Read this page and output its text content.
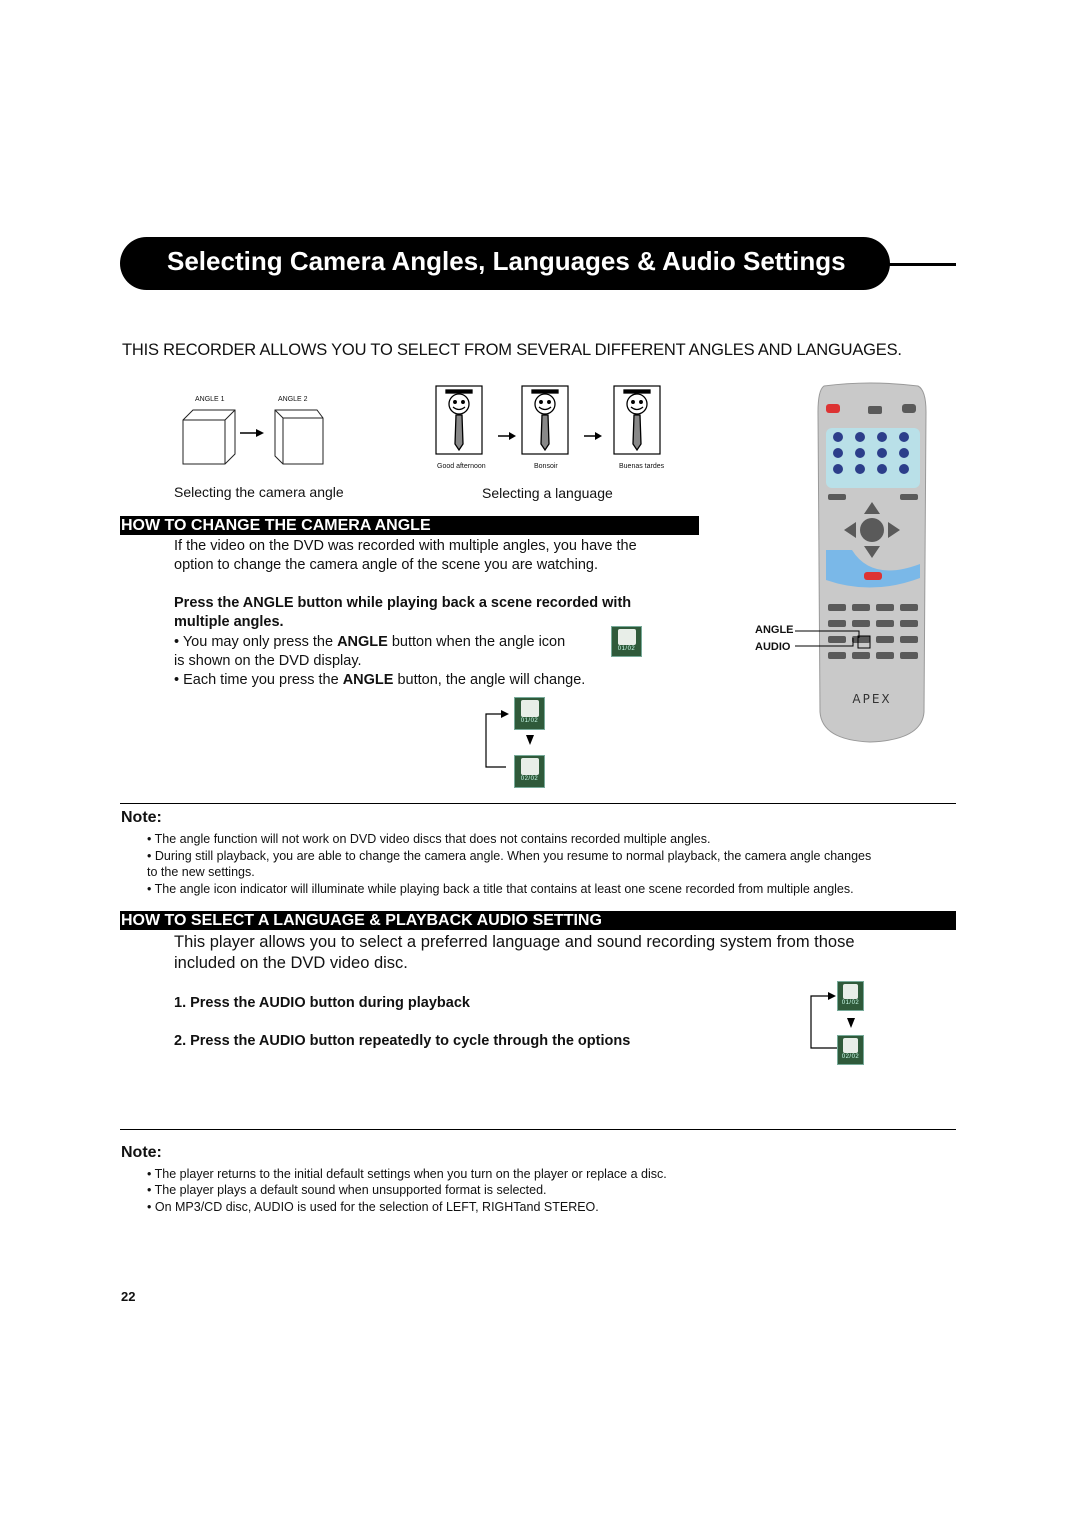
Selecting Camera Angles, Languages & Audio Settings
THIS RECORDER ALLOWS YOU TO SELECT FROM SEVERAL DIFFERENT ANGLES AND LANGUAGES.
ANGLE 1	ANGLE 2
Selecting the camera angle
Good afternoon	Bonsoir	Buenas tardes
Selecting a language
HOW TO CHANGE THE CAMERA ANGLE
If the video on the DVD was recorded with multiple angles, you have the
option to change the camera angle of the scene you are watching.
Press the ANGLE button while playing back a scene recorded with
multiple angles.
• You may only press the ANGLE button when the angle icon	01/02
is shown on the DVD display.
• Each time you press the ANGLE button, the angle will change.
01/02
02/02
APEX
ANGLE
AUDIO
Note:
• The angle function will not work on DVD video discs that does not contains recorded multiple angles.
• During still playback, you are able to change the camera angle. When you resume to normal playback, the camera angle changes
to the new settings.
• The angle icon indicator will illuminate while playing back a title that contains at least one scene recorded from multiple angles.
HOW TO SELECT A LANGUAGE & PLAYBACK AUDIO SETTING
This player allows you to select a preferred language and sound recording system from those
included on the DVD video disc.
1. Press the AUDIO button during playback
2. Press the AUDIO button repeatedly to cycle through the options
01/02
02/02
Note:
• The player returns to the initial default settings when you turn on the player or replace a disc.
• The player plays a default sound when unsupported format is selected.
• On MP3/CD disc, AUDIO is used for the selection of LEFT, RIGHTand STEREO.
22
